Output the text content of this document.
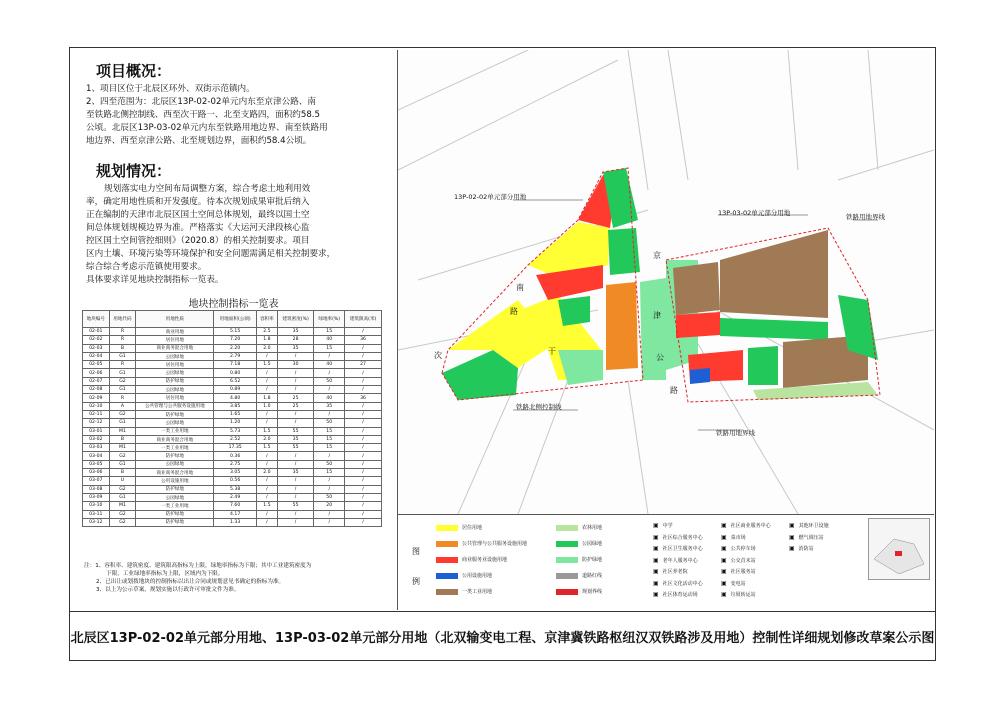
项目概况：

1、项目区位于北辰区环外、双街示范镇内。

2、四至范围为：北辰区13P-02-02单元内东至京津公路、南

至铁路北侧控制线、西至次干路一、北至支路四，面积约58.5

公顷。北辰区13P-03-02单元内东至铁路用地边界、南至铁路用

地边界、西至京津公路、北至规划边界，面积约58.4公顷。

规划情况：

规划落实电力空间布局调整方案，综合考虑土地利用效

率，确定用地性质和开发强度。待本次规划成果审批后纳入

正在编制的天津市北辰区国土空间总体规划，最终以国土空

间总体规划规模边界为准。严格落实《大运河天津段核心监

控区国土空间管控细则》（2020.8）的相关控制要求。项目

区内土壤、环境污染等环境保护和安全问题需满足相关控制要求，

综合综合考虑示范镇使用要求。

具体要求详见地块控制指标一览表。

地块控制指标一览表
地块编号	用地代码	用地性质	用地面积(公顷)	容积率	建筑密度(%)	绿地率(%)	建筑限高(米)
02-01	R	商业用地	5.15	2.5	35	15	/
02-02	R	居住用地	7.20	1.8	28	40	36
02-03	B	商业商务混合用地	2.20	2.0	35	15	/
02-04	G1	公园绿地	2.79	/	/	/	/
02-05	R	居住用地	7.18	1.5	30	40	27
02-06	G1	公园绿地	0.80	/	/	/	/
02-07	G2	防护绿地	6.52	/	/	50	/
02-08	G1	公园绿地	0.89	/	/	/	/
02-09	R	居住用地	4.80	1.8	25	40	36
02-10	A	公共管理与公共服务设施用地	3.85	1.0	25	35	/
02-11	G2	防护绿地	1.65	/	/	/	/
02-12	G1	公园绿地	1.20	/	/	50	/
03-01	M1	一类工业用地	5.73	1.5	55	15	/
03-02	B	商业商务混合用地	2.52	2.0	35	15	/
03-03	M1	一类工业用地	17.35	1.5	55	15	/
03-04	G2	防护绿地	0.36	/	/	/	/
03-05	G1	公园绿地	2.75	/	/	50	/
03-06	B	商业商务混合用地	3.05	2.0	35	15	/
03-07	U	公用设施用地	0.56	/	/	/	/
03-08	G2	防护绿地	5.38	/	/	/	/
03-09	G1	公园绿地	2.49	/	/	50	/
03-10	M1	一类工业用地	7.60	1.5	55	20	/
03-11	G2	防护绿地	4.17	/	/	/	/
03-12	G2	防护绿地	1.33	/	/	/	/
注：1、容积率、建筑密度、建筑限高指标为上限，绿地率指标为下限；其中工业建筑密度为
下限，工业绿地率指标为上限，区域内为下限。
2、已出让或划拨地块的控制指标以出让合同或规划意见书确定的指标为准。
3、以上为公示草案，规划实施以行政许可审批文件为准。
13P-02-02单元部分用地
13P-03-02单元部分用地	铁路用地界线
铁路北侧控制线
铁路用地界线
京
津
公
路
次
南
路
干
图
例
居住用地
公共管理与公共服务设施用地
商业服务业设施用地
公用设施用地
一类工业用地
农林用地
公园绿地
防护绿地
道路红线
规划界线
▣ 中学
▣ 社区综合服务中心
▣ 社区卫生服务中心
▣ 老年人服务中心
▣ 社区养老院
▣ 社区文化活动中心
▣ 社区体育运动场
▣ 社区商业服务中心
▣ 菜市场
▣ 公共停车场
▣ 公交首末站
▣ 社区服务站
▣ 变电站
▣ 垃圾转运站
▣ 其他环卫设施
▣ 燃气调压站
▣ 消防站
北辰区13P-02-02单元部分用地、13P-03-02单元部分用地（北双输变电工程、京津冀铁路枢纽汉双铁路涉及用地）控制性详细规划修改草案公示图
